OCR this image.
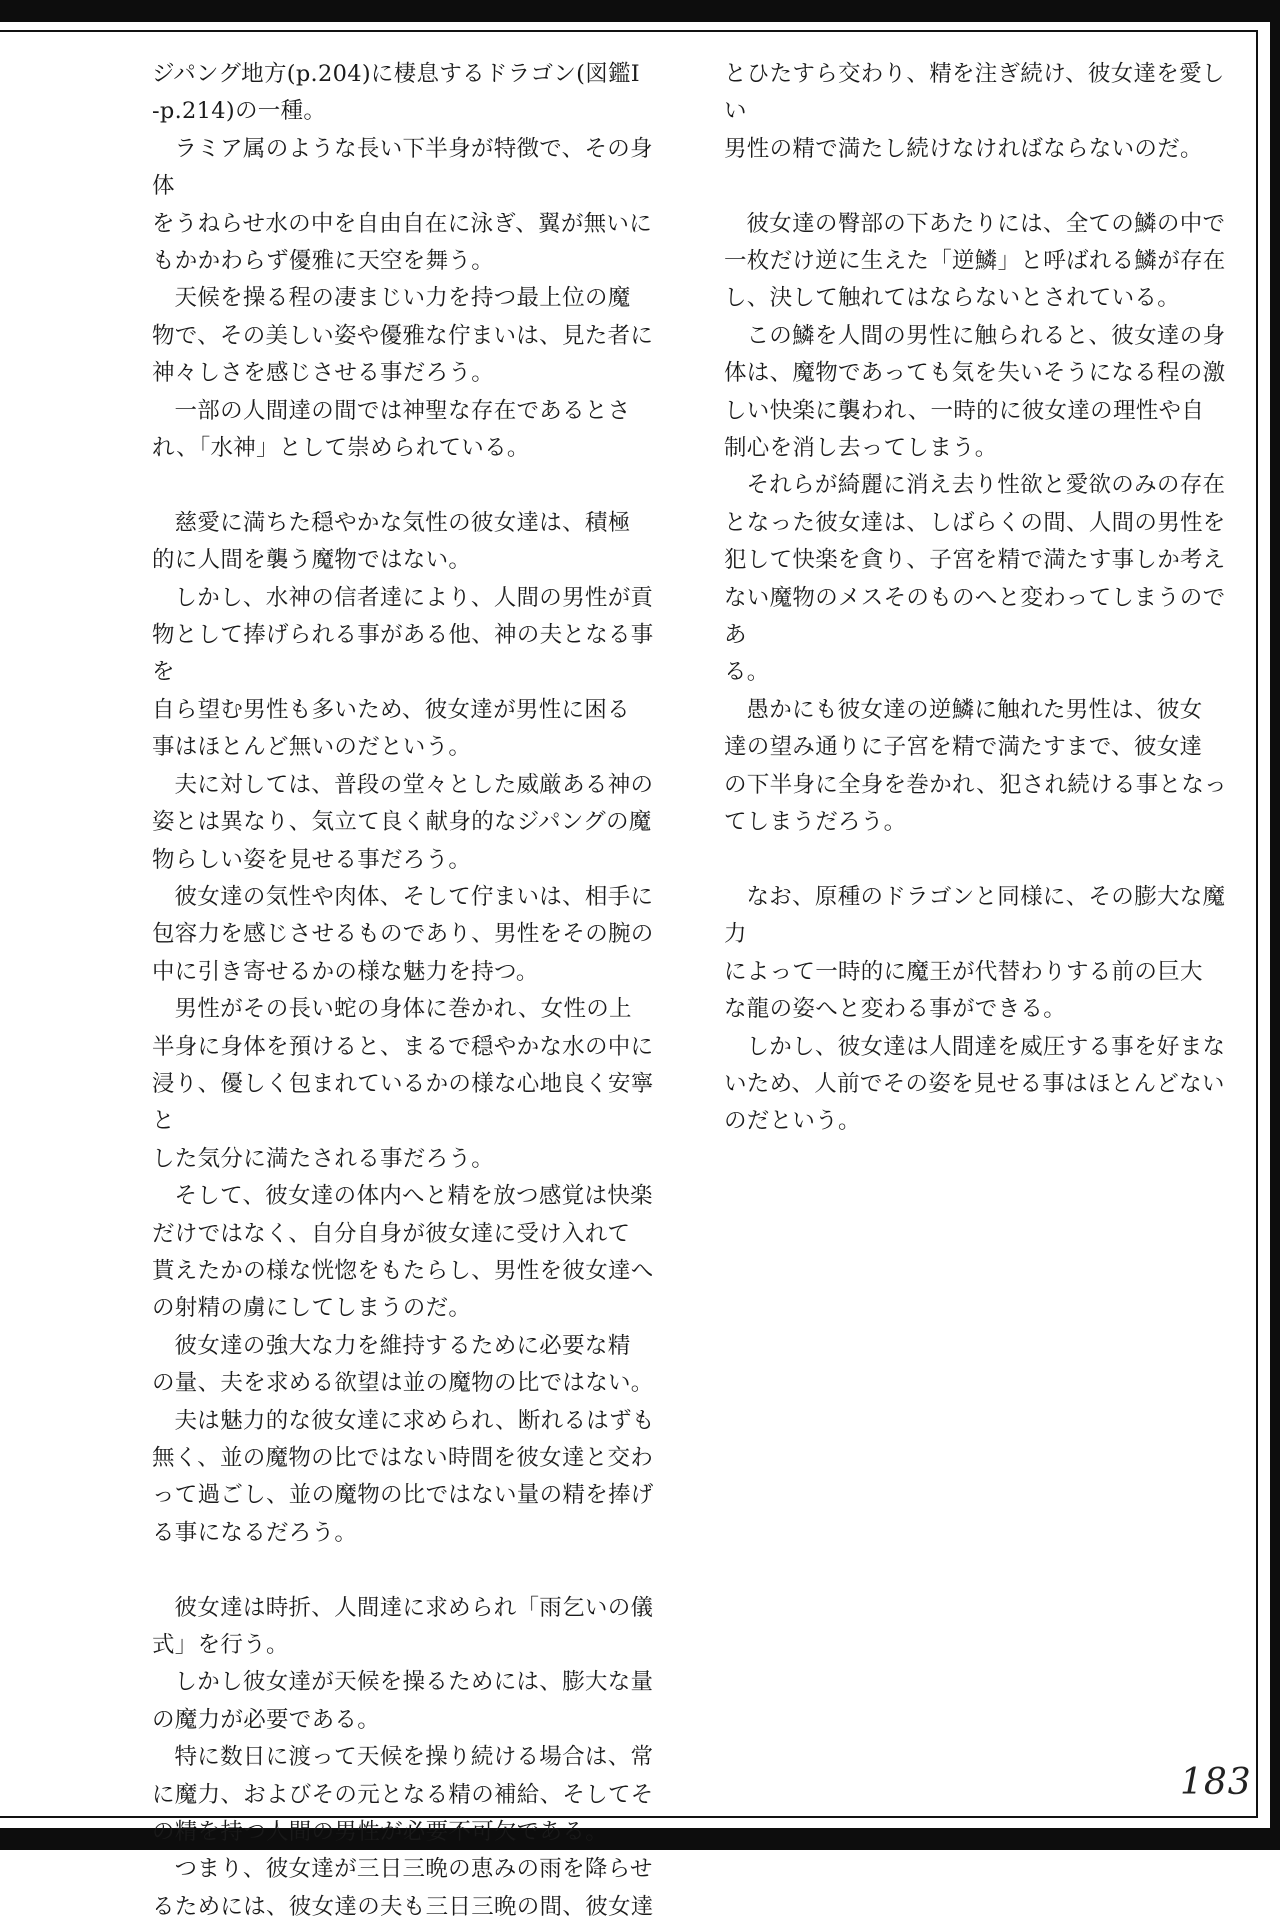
ジパング地方(p.204)に棲息するドラゴン(図鑑Ⅰ
-p.214)の一種。

ラミア属のような長い下半身が特徴で、その身体
をうねらせ水の中を自由自在に泳ぎ、翼が無いに
もかかわらず優雅に天空を舞う。

天候を操る程の凄まじい力を持つ最上位の魔
物で、その美しい姿や優雅な佇まいは、見た者に
神々しさを感じさせる事だろう。

一部の人間達の間では神聖な存在であるとさ
れ、「水神」として崇められている。

慈愛に満ちた穏やかな気性の彼女達は、積極
的に人間を襲う魔物ではない。

しかし、水神の信者達により、人間の男性が貢
物として捧げられる事がある他、神の夫となる事を
自ら望む男性も多いため、彼女達が男性に困る
事はほとんど無いのだという。

夫に対しては、普段の堂々とした威厳ある神の
姿とは異なり、気立て良く献身的なジパングの魔
物らしい姿を見せる事だろう。

彼女達の気性や肉体、そして佇まいは、相手に
包容力を感じさせるものであり、男性をその腕の
中に引き寄せるかの様な魅力を持つ。

男性がその長い蛇の身体に巻かれ、女性の上
半身に身体を預けると、まるで穏やかな水の中に
浸り、優しく包まれているかの様な心地良く安寧と
した気分に満たされる事だろう。

そして、彼女達の体内へと精を放つ感覚は快楽
だけではなく、自分自身が彼女達に受け入れて
貰えたかの様な恍惚をもたらし、男性を彼女達へ
の射精の虜にしてしまうのだ。

彼女達の強大な力を維持するために必要な精
の量、夫を求める欲望は並の魔物の比ではない。

夫は魅力的な彼女達に求められ、断れるはずも
無く、並の魔物の比ではない時間を彼女達と交わ
って過ごし、並の魔物の比ではない量の精を捧げ
る事になるだろう。

彼女達は時折、人間達に求められ「雨乞いの儀
式」を行う。

しかし彼女達が天候を操るためには、膨大な量
の魔力が必要である。

特に数日に渡って天候を操り続ける場合は、常
に魔力、およびその元となる精の補給、そしてそ
の精を持つ人間の男性が必要不可欠である。

つまり、彼女達が三日三晩の恵みの雨を降らせ
るためには、彼女達の夫も三日三晩の間、彼女達

とひたすら交わり、精を注ぎ続け、彼女達を愛しい
男性の精で満たし続けなければならないのだ。

彼女達の臀部の下あたりには、全ての鱗の中で
一枚だけ逆に生えた「逆鱗」と呼ばれる鱗が存在
し、決して触れてはならないとされている。

この鱗を人間の男性に触られると、彼女達の身
体は、魔物であっても気を失いそうになる程の激
しい快楽に襲われ、一時的に彼女達の理性や自
制心を消し去ってしまう。

それらが綺麗に消え去り性欲と愛欲のみの存在
となった彼女達は、しばらくの間、人間の男性を
犯して快楽を貪り、子宮を精で満たす事しか考え
ない魔物のメスそのものへと変わってしまうのであ
る。

愚かにも彼女達の逆鱗に触れた男性は、彼女
達の望み通りに子宮を精で満たすまで、彼女達
の下半身に全身を巻かれ、犯され続ける事となっ
てしまうだろう。

なお、原種のドラゴンと同様に、その膨大な魔力
によって一時的に魔王が代替わりする前の巨大
な龍の姿へと変わる事ができる。

しかし、彼女達は人間達を威圧する事を好まな
いため、人前でその姿を見せる事はほとんどない
のだという。

183
